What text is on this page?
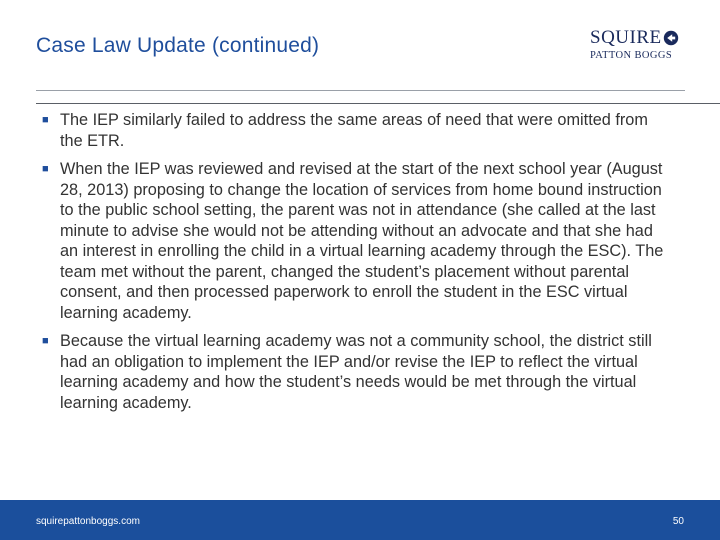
Case Law Update (continued)	SQUIRE
PATTON BOGGS
■ The IEP similarly failed to address the same areas of need that were omitted from the ETR.
■ When the IEP was reviewed and revised at the start of the next school year (August 28, 2013) proposing to change the location of services from home bound instruction to the public school setting, the parent was not in attendance (she called at the last minute to advise she would not be attending without an advocate and that she had an interest in enrolling the child in a virtual learning academy through the ESC). The team met without the parent, changed the student’s placement without parental consent, and then processed paperwork to enroll the student in the ESC virtual learning academy.
■ Because the virtual learning academy was not a community school, the district still had an obligation to implement the IEP and/or revise the IEP to reflect the virtual learning academy and how the student’s needs would be met through the virtual learning academy.
squirepattonboggs.com	50
